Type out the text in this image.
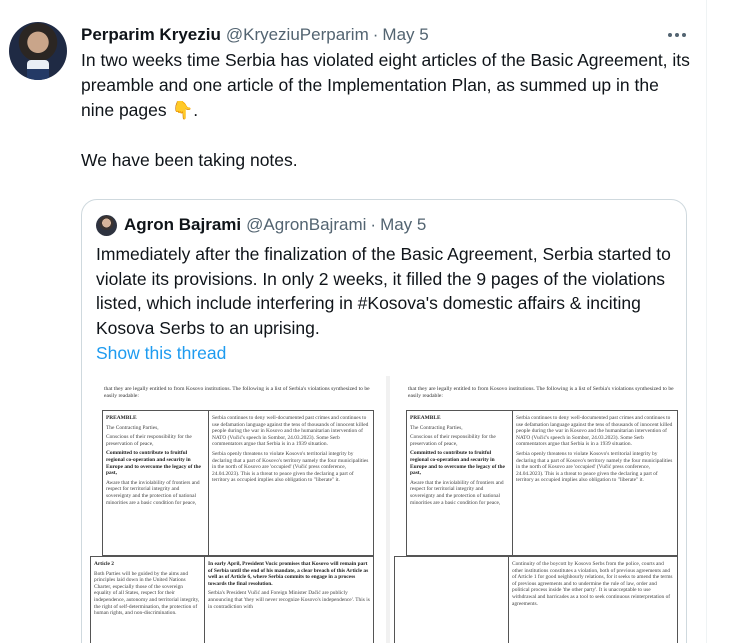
Perparim Kryeziu @KryeziuPerparim · May 5

In two weeks time Serbia has violated eight articles of the Basic Agreement, its preamble and one article of the Implementation Plan, as summed up in the nine pages 👇.

We have been taking notes.

Agron Bajrami @AgronBajrami · May 5
Immediately after the finalization of the Basic Agreement, Serbia started to violate its provisions. In only 2 weeks, it filled the 9 pages of the violations listed, which include interfering in #Kosova's domestic affairs & inciting Kosova Serbs to an uprising.
Show this thread
that they are legally entitled to from Kosovo institutions. The following is a list of Serbia's violations synthesized to be easily readable:
PREAMBLE
The Contracting Parties,
Conscious of their responsibility for the preservation of peace,
Committed to contribute to fruitful regional co-operation and security in Europe and to overcome the legacy of the past,
Aware that the inviolability of frontiers and respect for territorial integrity and sovereignty and the protection of national minorities are a basic condition for peace,
Serbia continues to deny well-documented past crimes and continues to use defamation language against the tens of thousands of innocent killed people during the war in Kosovo and the humanitarian intervention of NATO (Vučić's speech in Sombor, 24.03.2023). Some Serb commentators argue that Serbia is in a 1939 situation.
Serbia openly threatens to violate Kosovo's territorial integrity by declaring that a part of Kosovo's territory namely the four municipalities in the north of Kosovo are 'occupied' (Vučić press conference, 24.04.2023). This is a threat to peace given the declaring a part of territory as occupied implies also obligation to "liberate" it.
Article 2
Both Parties will be guided by the aims and principles laid down in the United Nations Charter, especially those of the sovereign equality of all States, respect for their independence, autonomy and territorial integrity, the right of self-determination, the protection of human rights, and non-discrimination.
In early April, President Vucic promises that Kosovo will remain part of Serbia until the end of his mandate, a clear breach of this Article as well as of Article 6, where Serbia commits to engage in a process towards the final resolution.
Serbia's President Vučić and Foreign Minister Dačić are publicly announcing that 'they will never recognize Kosovo's independence'. This is in contradiction with
that they are legally entitled to from Kosovo institutions. The following is a list of Serbia's violations synthesized to be easily readable:
PREAMBLE
The Contracting Parties,
Conscious of their responsibility for the preservation of peace,
Committed to contribute to fruitful regional co-operation and security in Europe and to overcome the legacy of the past,
Aware that the inviolability of frontiers and respect for territorial integrity and sovereignty and the protection of national minorities are a basic condition for peace,
Serbia continues to deny well-documented past crimes and continues to use defamation language against the tens of thousands of innocent killed people during the war in Kosovo and the humanitarian intervention of NATO (Vučić's speech in Sombor, 24.03.2023). Some Serb commentators argue that Serbia is in a 1939 situation.
Serbia openly threatens to violate Kosovo's territorial integrity by declaring that a part of Kosovo's territory namely the four municipalities in the north of Kosovo are 'occupied' (Vučić press conference, 24.04.2023). This is a threat to peace given the declaring a part of territory as occupied implies also obligation to "liberate" it.
Continuity of the boycott by Kosovo Serbs from the police, courts and other institutions constitutes a violation, both of previous agreements and of Article 1 for good neighbourly relations, for it seeks to amend the terms of previous agreements and to undermine the rule of law, order and political process inside 'the other party'. It is unacceptable to use withdrawal and barricades as a tool to seek continuous reinterpretation of agreements.
